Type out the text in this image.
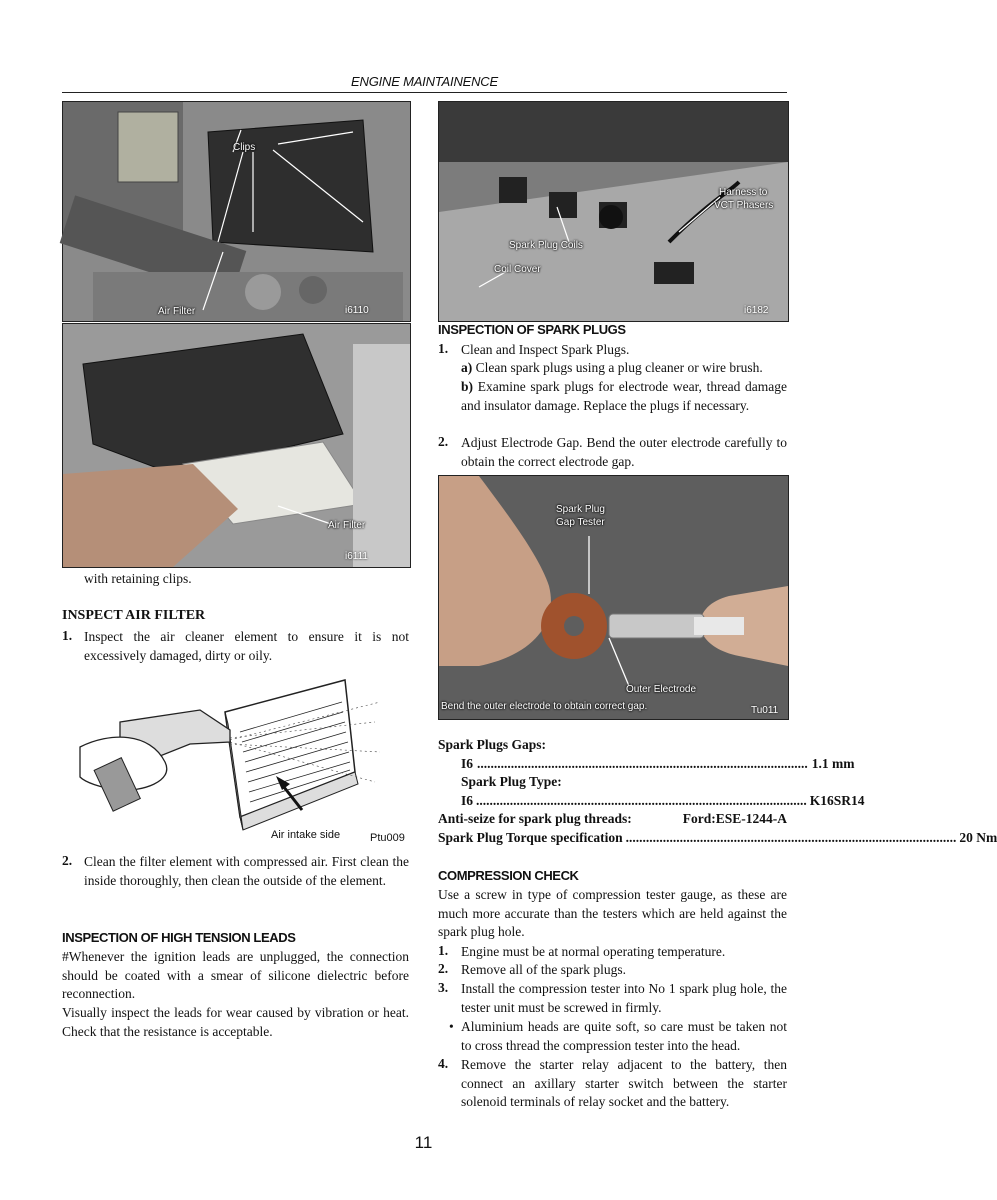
ENGINE MAINTAINENCE
Clips
Air Filter	i6110
Air Filter
i6111
with retaining clips.
INSPECT AIR FILTER
1. Inspect the air cleaner element to ensure it is not excessively damaged, dirty or oily.
Air intake side	Ptu009
2. Clean the filter element with compressed air. First clean the inside thoroughly, then clean the outside of the element.
INSPECTION OF HIGH TENSION LEADS
#Whenever the ignition leads are unplugged, the connection should be coated with a smear of silicone dielectric before reconnection.
Visually inspect the leads for wear caused by vibration or heat. Check that the resistance is acceptable.
Harness to
VCT Phasers
Spark Plug Coils
Coil Cover
i6182
INSPECTION OF SPARK PLUGS
1. Clean and Inspect Spark Plugs.
a) Clean spark plugs using a plug cleaner or wire brush.
b) Examine spark plugs for electrode wear, thread damage and insulator damage. Replace the plugs if necessary.
2. Adjust Electrode Gap. Bend the outer electrode carefully to obtain the correct electrode gap.
Spark Plug
Gap Tester
Outer Electrode
Bend the outer electrode to obtain correct gap.	Tu011
Spark Plugs Gaps:
I6 .................................................................................................. 1.1 mm
Spark Plug Type:
I6 .................................................................................................. K16SR14
Anti-seize for spark plug threads:	Ford:ESE-1244-A
Spark Plug Torque specification .................................................................................................. 20 Nm
COMPRESSION CHECK
Use a screw in type of compression tester gauge, as these are much more accurate than the testers which are held against the spark plug hole.
1. Engine must be at normal operating temperature.
2. Remove all of the spark plugs.
3. Install the compression tester into No 1 spark plug hole, the tester unit must be screwed in firmly.
• Aluminium heads are quite soft, so care must be taken not to cross thread the compression tester into the head.
4. Remove the starter relay adjacent to the battery, then connect an axillary starter switch between the starter solenoid terminals of relay socket and the battery.
11
